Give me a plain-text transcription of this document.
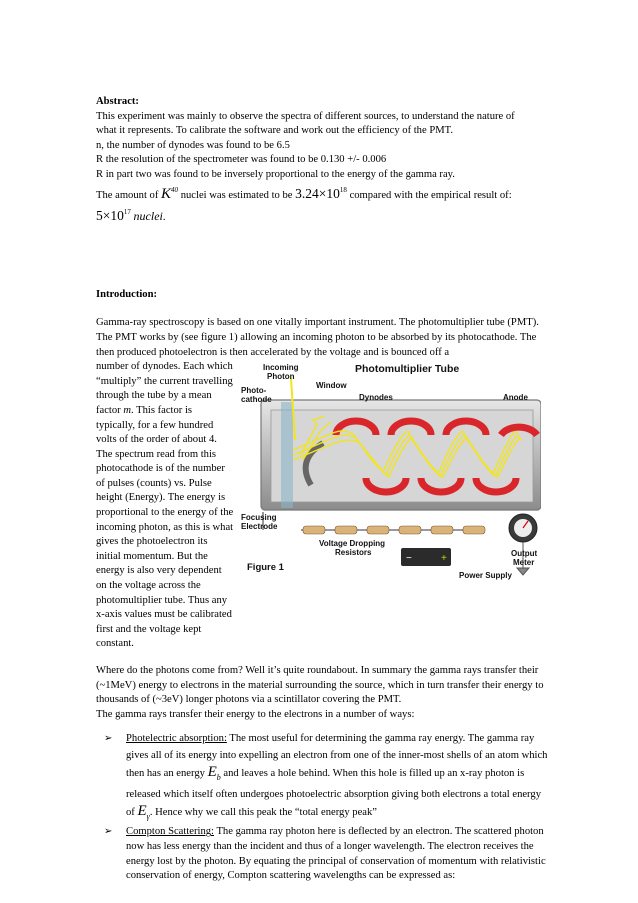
Abstract:
This experiment was mainly to observe the spectra of different sources, to understand the nature of
what it represents. To calibrate the software and work out the efficiency of the PMT.
n, the number of dynodes was found to be 6.5
R the resolution of the spectrometer was found to be 0.130 +/- 0.006
R in part two was found to be inversely proportional to the energy of the gamma ray.
The amount of $K^{40}$ nuclei was estimated to be $3.24\times 10^{18}$ compared with the empirical result of:
$5\times 10^{17}$ nuclei.
Introduction:
Gamma-ray spectroscopy is based on one vitally important instrument. The photomultiplier tube (PMT). The PMT works by (see figure 1) allowing an incoming photon to be absorbed by its photocathode. The then produced photoelectron is then accelerated by the voltage and is bounced off a
number of dynodes. Each which
“multiply” the current travelling
through the tube by a mean
factor m. This factor is
typically, for a few hundred
volts of the order of about 4.
The spectrum read from this
photocathode is of the number
of pulses (counts) vs. Pulse
height (Energy). The energy is
proportional to the energy of the
incoming photon, as this is what
gives the photoelectron its
initial momentum. But the
energy is also very dependent
on the voltage across the
photomultiplier tube. Thus any
x-axis values must be calibrated
first and the voltage kept
constant.
−	+
Photomultiplier Tube
Incoming
Photon
Window
Photo-
cathode	Dynodes	Anode
Focusing
Electrode
Voltage Dropping
Resistors
Figure 1
Output
Meter
Power Supply
Where do the photons come from? Well it’s quite roundabout. In summary the gamma rays transfer their (~1MeV) energy to electrons in the material surrounding the source, which in turn transfer their energy to thousands of (~3eV) longer photons via a scintillator covering the PMT.
The gamma rays transfer their energy to the electrons in a number of ways:
➢ Photelectric absorption: The most useful for determining the gamma ray energy. The gamma ray gives all of its energy into expelling an electron from one of the inner-most shells of an atom which then has an energy $E_b$ and leaves a hole behind. When this hole is filled up an x-ray photon is released which itself often undergoes photoelectric absorption giving both electrons a total energy of $E_\gamma$. Hence why we call this peak the “total energy peak”
➢ Compton Scattering: The gamma ray photon here is deflected by an electron. The scattered photon now has less energy than the incident and thus of a longer wavelength. The electron receives the energy lost by the photon. By equating the principal of conservation of momentum with relativistic conservation of energy, Compton scattering wavelengths can be expressed as:
